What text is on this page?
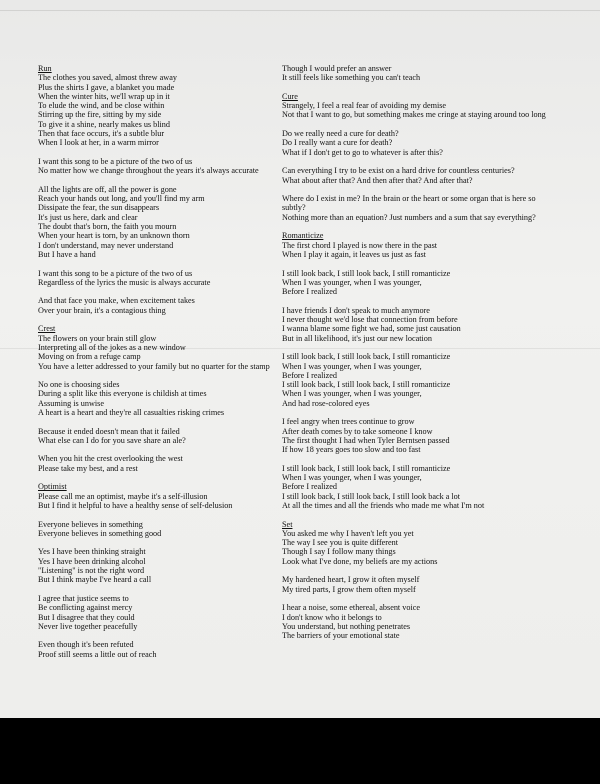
Run
The clothes you saved, almost threw away
Plus the shirts I gave, a blanket you made
When the winter hits, we'll wrap up in it
To elude the wind, and be close within
Stirring up the fire, sitting by my side
To give it a shine, nearly makes us blind
Then that face occurs, it's a subtle blur
When I look at her, in a warm mirror
I want this song to be a picture of the two of us
No matter how we change throughout the years it's always accurate
All the lights are off, all the power is gone
Reach your hands out long, and you'll find my arm
Dissipate the fear, the sun disappears
It's just us here, dark and clear
The doubt that's born, the faith you mourn
When your heart is torn, by an unknown thorn
I don't understand, may never understand
But I have a hand
I want this song to be a picture of the two of us
Regardless of the lyrics the music is always accurate
And that face you make, when excitement takes
Over your brain, it's a contagious thing
Crest
The flowers on your brain still glow
Interpreting all of the jokes as a new window
Moving on from a refuge camp
You have a letter addressed to your family but no quarter for the stamp
No one is choosing sides
During a split like this everyone is childish at times
Assuming is unwise
A heart is a heart and they're all casualties risking crimes
Because it ended doesn't mean that it failed
What else can I do for you save share an ale?
When you hit the crest overlooking the west
Please take my best, and a rest
Optimist
Please call me an optimist, maybe it's a self-illusion
But I find it helpful to have a healthy sense of self-delusion
Everyone believes in something
Everyone believes in something good
Yes I have been thinking straight
Yes I have been drinking alcohol
"Listening" is not the right word
But I think maybe I've heard a call
I agree that justice seems to
Be conflicting against mercy
But I disagree that they could
Never live together peacefully
Even though it's been refuted
Proof still seems a little out of reach
Though I would prefer an answer
It still feels like something you can't teach
Cure
Strangely, I feel a real fear of avoiding my demise
Not that I want to go, but something makes me cringe at staying around too long
Do we really need a cure for death?
Do I really want a cure for death?
What if I don't get to go to whatever is after this?
Can everything I try to be exist on a hard drive for countless centuries?
What about after that? And then after that? And after that?
Where do I exist in me? In the brain or the heart or some organ that is here so subtly?
Nothing more than an equation? Just numbers and a sum that say everything?
Romanticize
The first chord I played is now there in the past
When I play it again, it leaves us just as fast
I still look back, I still look back, I still romanticize
When I was younger, when I was younger,
Before I realized
I have friends I don't speak to much anymore
I never thought we'd lose that connection from before
I wanna blame some fight we had, some just causation
But in all likelihood, it's just our new location
I still look back, I still look back, I still romanticize
When I was younger, when I was younger,
Before I realized
I still look back, I still look back, I still romanticize
When I was younger, when I was younger,
And had rose-colored eyes
I feel angry when trees continue to grow
After death comes by to take someone I know
The first thought I had when Tyler Berntsen passed
If how 18 years goes too slow and too fast
I still look back, I still look back, I still romanticize
When I was younger, when I was younger,
Before I realized
I still look back, I still look back, I still look back a lot
At all the times and all the friends who made me what I'm not
Set
You asked me why I haven't left you yet
The way I see you is quite different
Though I say I follow many things
Look what I've done, my beliefs are my actions
My hardened heart, I grow it often myself
My tired parts, I grow them often myself
I hear a noise, some ethereal, absent voice
I don't know who it belongs to
You understand, but nothing penetrates
The barriers of your emotional state
